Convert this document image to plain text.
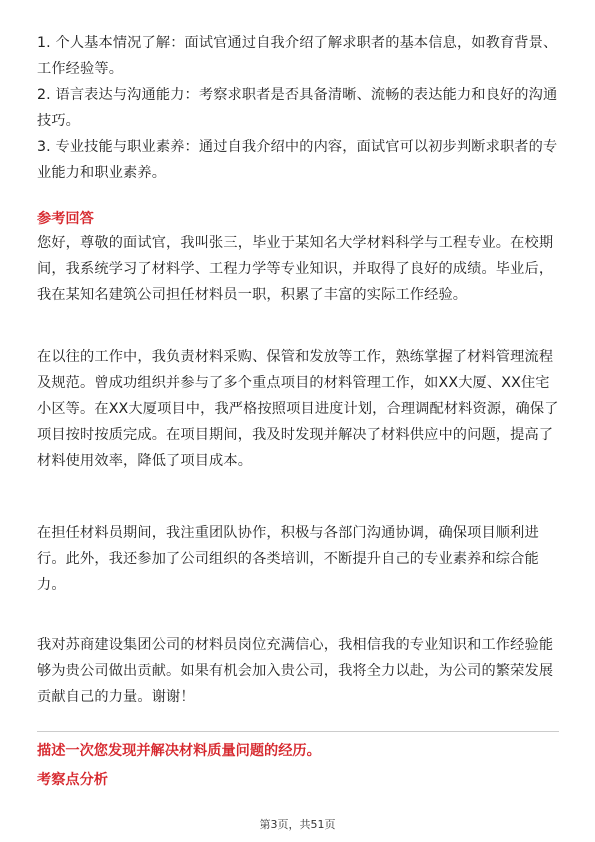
1. 个人基本情况了解：面试官通过自我介绍了解求职者的基本信息，如教育背景、
工作经验等。
2. 语言表达与沟通能力：考察求职者是否具备清晰、流畅的表达能力和良好的沟通
技巧。
3. 专业技能与职业素养：通过自我介绍中的内容，面试官可以初步判断求职者的专
业能力和职业素养。
参考回答
您好，尊敬的面试官，我叫张三，毕业于某知名大学材料科学与工程专业。在校期
间，我系统学习了材料学、工程力学等专业知识，并取得了良好的成绩。毕业后，
我在某知名建筑公司担任材料员一职，积累了丰富的实际工作经验。
在以往的工作中，我负责材料采购、保管和发放等工作，熟练掌握了材料管理流程
及规范。曾成功组织并参与了多个重点项目的材料管理工作，如XX大厦、XX住宅
小区等。在XX大厦项目中，我严格按照项目进度计划，合理调配材料资源，确保了
项目按时按质完成。在项目期间，我及时发现并解决了材料供应中的问题，提高了
材料使用效率，降低了项目成本。
在担任材料员期间，我注重团队协作，积极与各部门沟通协调，确保项目顺利进
行。此外，我还参加了公司组织的各类培训，不断提升自己的专业素养和综合能
力。
我对苏商建设集团公司的材料员岗位充满信心，我相信我的专业知识和工作经验能
够为贵公司做出贡献。如果有机会加入贵公司，我将全力以赴，为公司的繁荣发展
贡献自己的力量。谢谢！
描述一次您发现并解决材料质量问题的经历。
考察点分析
第3页，共51页
